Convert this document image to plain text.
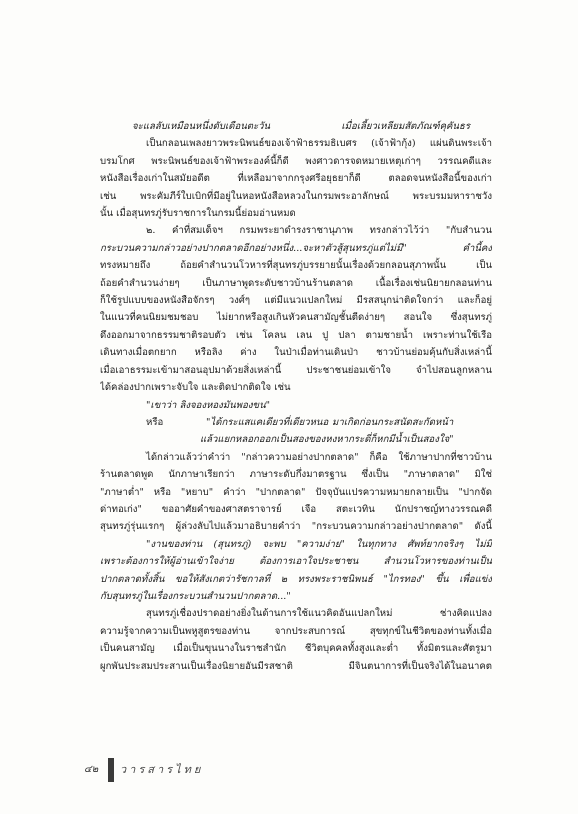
จะแลลับเหมือนหนึ่งดับเดือนตะวัน	เมื่อเลี้ยวเหลียมสัตภัณฑ์คุคันธร
เป็นกลอนเพลงยาวพระนิพนธ์ของเจ้าฟ้าธรรมธิเบศร (เจ้าฟ้ากุ้ง) แผ่นดินพระเจ้า
บรมโกศ พระนิพนธ์ของเจ้าฟ้าพระองค์นี้ก็ดี พงศาวดารจดหมายเหตุเก่าๆ วรรณคดีและ
หนังสือเรื่องเก่าในสมัยอดีต ที่เหลือมาจากกรุงศรีอยุธยาก็ดี ตลอดจนหนังสือนี้ของเก่า
เช่น พระคัมภีร์ใบเบิกที่มีอยู่ในหอหนังสือหลวงในกรมพระอาลักษณ์ พระบรมมหาราชวัง
นั้น เมื่อสุนทรภู่รับราชการในกรมนี้ย่อมอ่านหมด
๒. คำที่สมเด็จฯ กรมพระยาดำรงราชานุภาพ ทรงกล่าวไว้ว่า "กับสำนวน
กระบวนความกล่าวอย่างปากตลาดอีกอย่างหนึ่ง...จะหาตัวสู้สุนทรภู่แต่ไม่มี" คำนี้คง
ทรงหมายถึง ถ้อยคำสำนวนโวหารที่สุนทรภู่บรรยายนั้นเรื่องด้วยกลอนสุภาพนั้น เป็น
ถ้อยคำสำนวนง่ายๆ เป็นภาษาพูดระดับชาวบ้านร้านตลาด เนื้อเรื่องเช่นนิยายกลอนท่าน
ก็ใช้รูปแบบของหนังสือจักรๆ วงศ์ๆ แต่มีแนวแปลกใหม่ มีรสสนุกน่าติดใจกว่า และก็อยู่
ในแนวที่คนนิยมชมชอบ ไม่ยากหรือสูงเกินหัวคนสามัญชั้นตีดง่ายๆ สอนใจ ซึ่งสุนทรภู่
ดึงออกมาจากธรรมชาติรอบตัว เช่น โคลน เลน ปู ปลา ตามชายน้ำ เพราะท่านใช้เรือ
เดินทางเมื่อตกยาก หรือลิง ค่าง ในป่าเมื่อท่านเดินป่า ชาวบ้านย่อมคุ้นกับสิ่งเหล่านี้
เมื่อเอาธรรมะเข้ามาสอนอุปมาด้วยสิ่งเหล่านี้ ประชาชนย่อมเข้าใจ จำไปสอนลูกหลาน
ได้คล่องปากเพราะจับใจ และติดปากติดใจ เช่น
"เขาว่า ลิงจองหองมันพองขน"
หรือ	"ได้กระแสแคเดียวที่เดียวหนอ มาเกิดก่อนกระสนัดสะกัดหน้า
แล้วแยกหลอกออกเป็นสองของหงหา กระดี่ก็หกมีน้ำเป็นสองใจ"
ได้กล่าวแล้วว่าคำว่า "กล่าวความอย่างปากตลาด" ก็คือ ใช้ภาษาปากที่ชาวบ้าน
ร้านตลาดพูด นักภาษาเรียกว่า ภาษาระดับกึ่งมาตรฐาน ซึ่งเป็น "ภาษาตลาด" มิใช่
"ภาษาต่ำ" หรือ "หยาบ" คำว่า "ปากตลาด" ปัจจุบันแปรความหมายกลายเป็น "ปากจัด
ด่าทอเก่ง" ขออาศัยคำของศาสตราจารย์ เจือ สตะเวทิน นักปราชญ์ทางวรรณคดี
สุนทรภู่รุ่นแรกๆ ผู้ล่วงลับไปแล้วมาอธิบายคำว่า "กระบวนความกล่าวอย่างปากตลาด" ดังนี้
"งานของท่าน (สุนทรภู่) จะพบ "ความง่าย" ในทุกทาง ศัพท์ยากจริงๆ ไม่มี
เพราะต้องการให้ผู้อ่านเข้าใจง่าย ต้องการเอาใจประชาชน สำนวนโวหารของท่านเป็น
ปากตลาดทั้งสิ้น ขอให้สังเกตว่ารัชกาลที่ ๒ ทรงพระราชนิพนธ์ "ไกรทอง" ขึ้น เพื่อแข่ง
กับสุนทรภู่ในเรื่องกระบวนสำนวนปากตลาด..."
สุนทรภู่เชื่องปราดอย่างยิ่งในด้านการใช้แนวคิดอันแปลกใหม่ ช่างคิดแปลง
ความรู้จากความเป็นพหูสูตรของท่าน จากประสบการณ์ สุขทุกข์ในชีวิตของท่านทั้งเมื่อ
เป็นคนสามัญ เมื่อเป็นขุนนางในราชสำนัก ชีวิตบุคคลทั้งสูงและต่ำ ทั้งมิตรและศัตรูมา
ผูกพันประสมประสานเป็นเรื่องนิยายอันมีรสชาติ มีจินตนาการที่เป็นจริงได้ในอนาคต
๔๒ วารสารไทย
